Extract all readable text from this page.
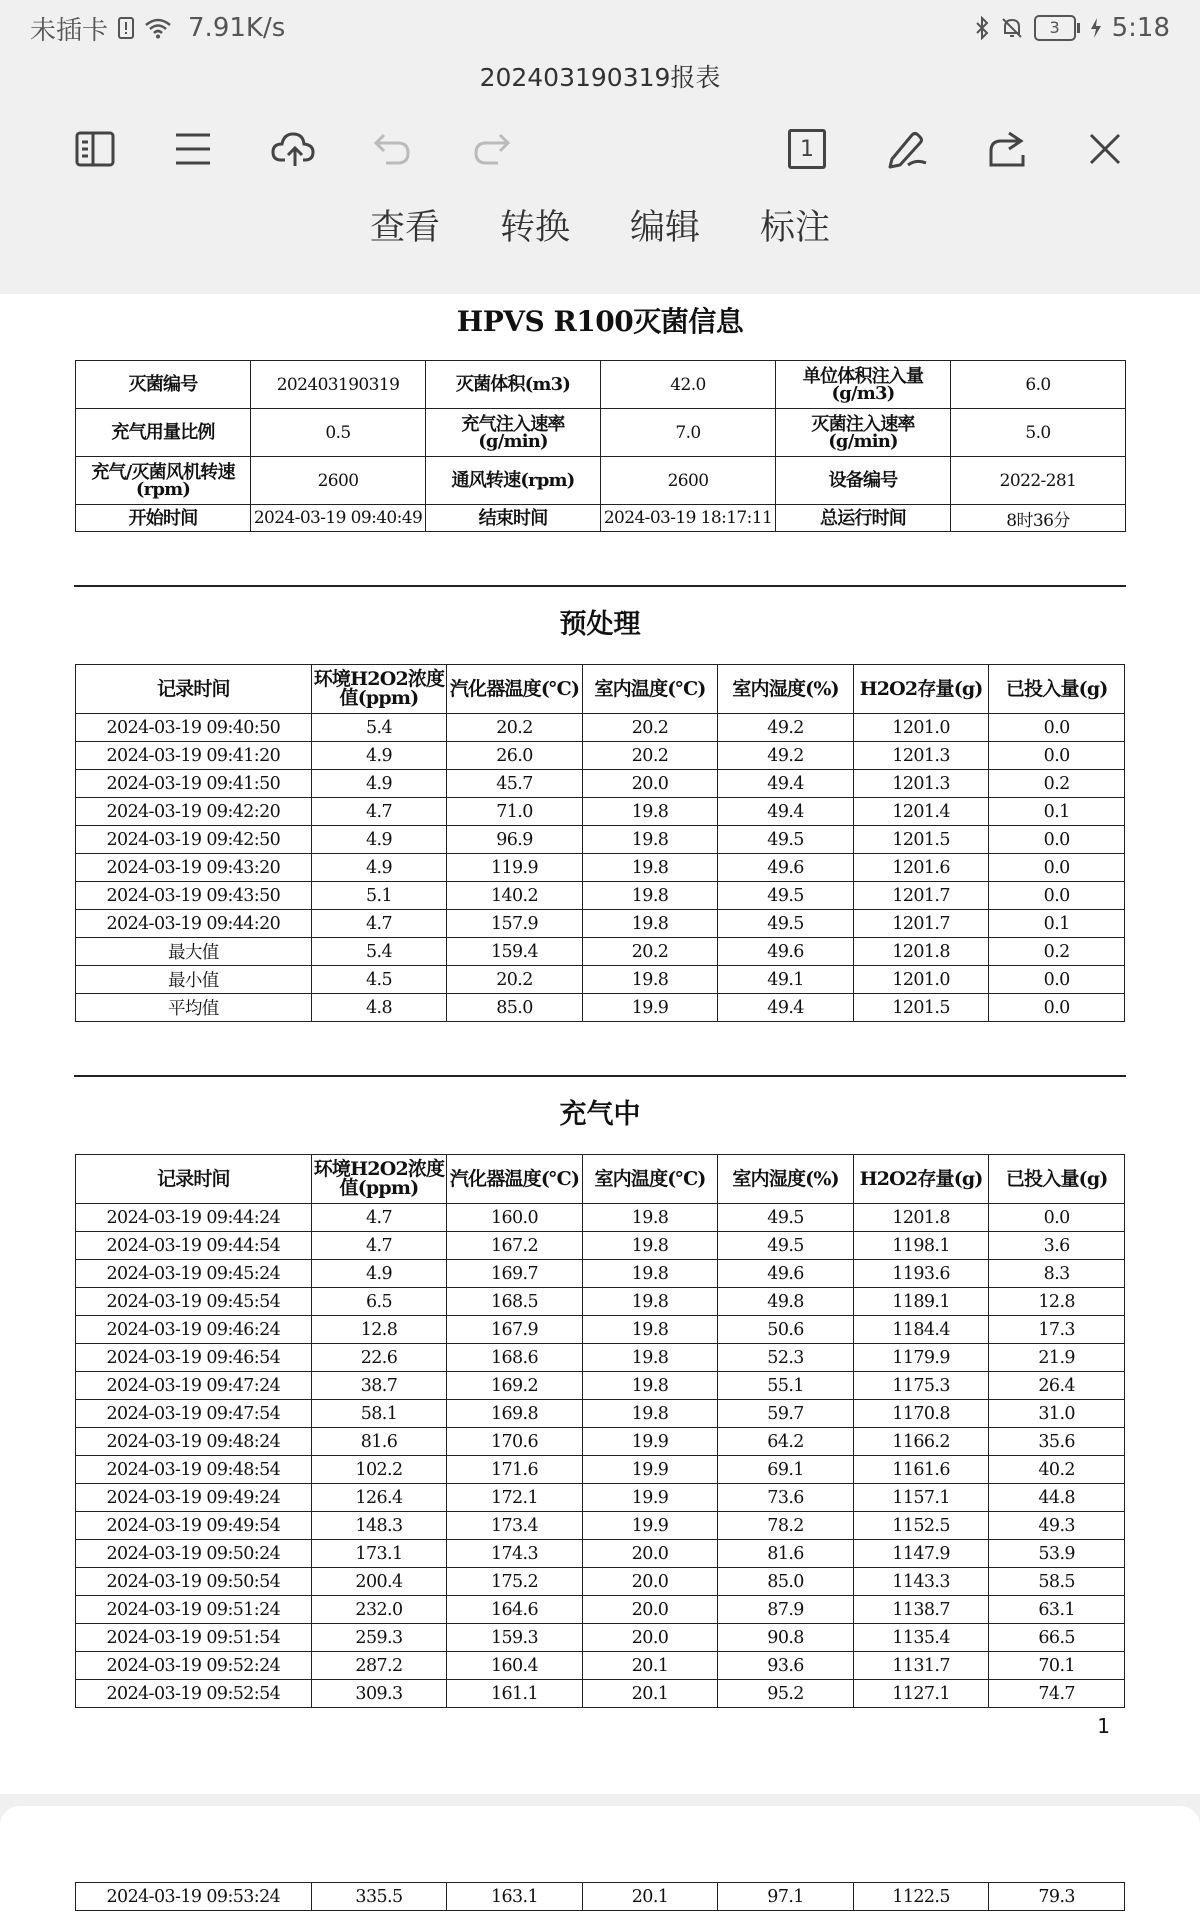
未插卡	7.91K/s	3	5:18
202403190319报表
1
查看 转换 编辑 标注
HPVS R100灭菌信息
灭菌编号	202403190319	灭菌体积(m3)	42.0	单位体积注入量(g/m3)	6.0
充气用量比例	0.5	充气注入速率(g/min)	7.0	灭菌注入速率(g/min)	5.0
充气/灭菌风机转速(rpm)	2600	通风转速(rpm)	2600	设备编号	2022-281
开始时间	2024-03-19 09:40:49	结束时间	2024-03-19 18:17:11	总运行时间	8时36分
预处理
记录时间	环境H2O2浓度值(ppm)	汽化器温度(℃)	室内温度(℃)	室内湿度(%)	H2O2存量(g)	已投入量(g)
2024-03-19 09:40:50	5.4	20.2	20.2	49.2	1201.0	0.0
2024-03-19 09:41:20	4.9	26.0	20.2	49.2	1201.3	0.0
2024-03-19 09:41:50	4.9	45.7	20.0	49.4	1201.3	0.2
2024-03-19 09:42:20	4.7	71.0	19.8	49.4	1201.4	0.1
2024-03-19 09:42:50	4.9	96.9	19.8	49.5	1201.5	0.0
2024-03-19 09:43:20	4.9	119.9	19.8	49.6	1201.6	0.0
2024-03-19 09:43:50	5.1	140.2	19.8	49.5	1201.7	0.0
2024-03-19 09:44:20	4.7	157.9	19.8	49.5	1201.7	0.1
最大值	5.4	159.4	20.2	49.6	1201.8	0.2
最小值	4.5	20.2	19.8	49.1	1201.0	0.0
平均值	4.8	85.0	19.9	49.4	1201.5	0.0
充气中
记录时间	环境H2O2浓度值(ppm)	汽化器温度(℃)	室内温度(℃)	室内湿度(%)	H2O2存量(g)	已投入量(g)
2024-03-19 09:44:24	4.7	160.0	19.8	49.5	1201.8	0.0
2024-03-19 09:44:54	4.7	167.2	19.8	49.5	1198.1	3.6
2024-03-19 09:45:24	4.9	169.7	19.8	49.6	1193.6	8.3
2024-03-19 09:45:54	6.5	168.5	19.8	49.8	1189.1	12.8
2024-03-19 09:46:24	12.8	167.9	19.8	50.6	1184.4	17.3
2024-03-19 09:46:54	22.6	168.6	19.8	52.3	1179.9	21.9
2024-03-19 09:47:24	38.7	169.2	19.8	55.1	1175.3	26.4
2024-03-19 09:47:54	58.1	169.8	19.8	59.7	1170.8	31.0
2024-03-19 09:48:24	81.6	170.6	19.9	64.2	1166.2	35.6
2024-03-19 09:48:54	102.2	171.6	19.9	69.1	1161.6	40.2
2024-03-19 09:49:24	126.4	172.1	19.9	73.6	1157.1	44.8
2024-03-19 09:49:54	148.3	173.4	19.9	78.2	1152.5	49.3
2024-03-19 09:50:24	173.1	174.3	20.0	81.6	1147.9	53.9
2024-03-19 09:50:54	200.4	175.2	20.0	85.0	1143.3	58.5
2024-03-19 09:51:24	232.0	164.6	20.0	87.9	1138.7	63.1
2024-03-19 09:51:54	259.3	159.3	20.0	90.8	1135.4	66.5
2024-03-19 09:52:24	287.2	160.4	20.1	93.6	1131.7	70.1
2024-03-19 09:52:54	309.3	161.1	20.1	95.2	1127.1	74.7
1
2024-03-19 09:53:24	335.5	163.1	20.1	97.1	1122.5	79.3
